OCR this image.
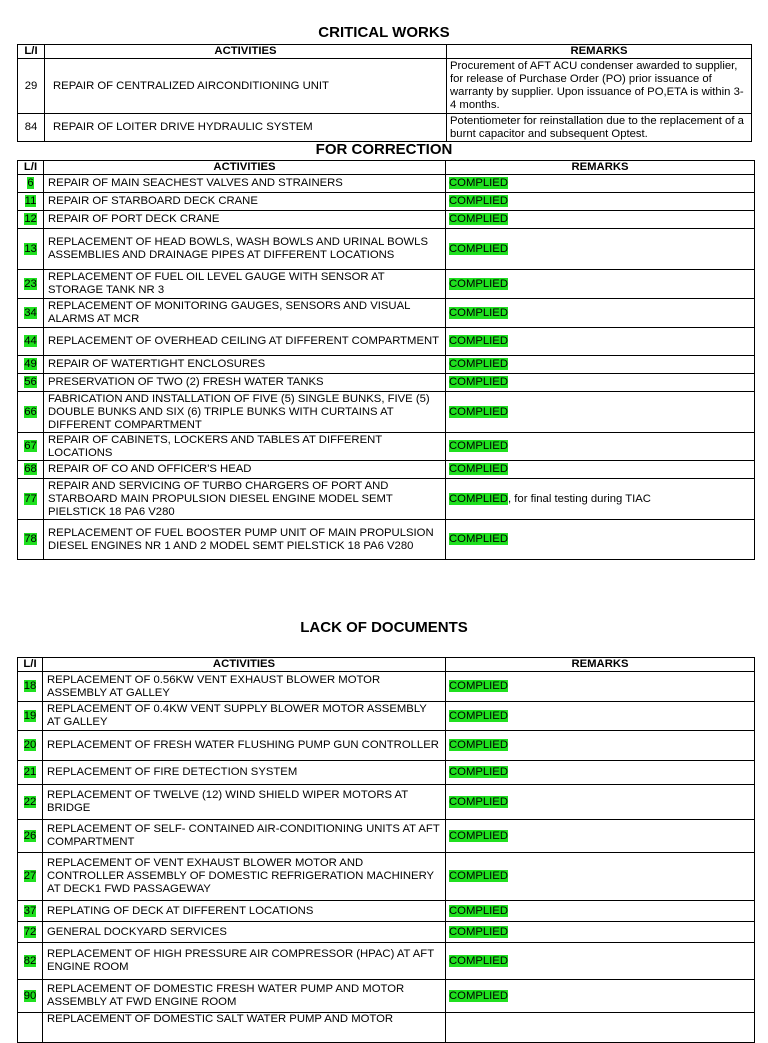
CRITICAL WORKS
L/I	ACTIVITIES	REMARKS
29	REPAIR OF CENTRALIZED AIRCONDITIONING UNIT	Procurement of AFT ACU condenser awarded to supplier, for release of Purchase Order (PO) prior issuance of warranty by supplier. Upon issuance of PO,ETA is within 3-4 months.
84	REPAIR OF LOITER DRIVE HYDRAULIC SYSTEM	Potentiometer for reinstallation due to the replacement of a burnt capacitor and subsequent Optest.
FOR CORRECTION
L/I	ACTIVITIES	REMARKS
6	REPAIR OF MAIN SEACHEST VALVES AND STRAINERS	COMPLIED
11	REPAIR OF STARBOARD DECK CRANE	COMPLIED
12	REPAIR OF PORT DECK CRANE	COMPLIED
13	REPLACEMENT OF HEAD BOWLS, WASH BOWLS AND URINAL BOWLS ASSEMBLIES AND DRAINAGE PIPES AT DIFFERENT LOCATIONS	COMPLIED
23	REPLACEMENT OF FUEL OIL LEVEL GAUGE WITH SENSOR AT STORAGE TANK NR 3	COMPLIED
34	REPLACEMENT OF MONITORING GAUGES, SENSORS AND VISUAL ALARMS AT MCR	COMPLIED
44	REPLACEMENT OF OVERHEAD CEILING AT DIFFERENT COMPARTMENT	COMPLIED
49	REPAIR OF WATERTIGHT ENCLOSURES	COMPLIED
56	PRESERVATION OF TWO (2) FRESH WATER TANKS	COMPLIED
66	FABRICATION AND INSTALLATION OF FIVE (5) SINGLE BUNKS, FIVE (5) DOUBLE BUNKS AND SIX (6) TRIPLE BUNKS WITH CURTAINS AT DIFFERENT COMPARTMENT	COMPLIED
67	REPAIR OF CABINETS, LOCKERS AND TABLES AT DIFFERENT LOCATIONS	COMPLIED
68	REPAIR OF CO AND OFFICER'S HEAD	COMPLIED
77	REPAIR AND SERVICING OF TURBO CHARGERS OF PORT AND STARBOARD MAIN PROPULSION DIESEL ENGINE MODEL SEMT PIELSTICK 18 PA6 V280	COMPLIED, for final testing during TIAC
78	REPLACEMENT OF FUEL BOOSTER PUMP UNIT OF MAIN PROPULSION DIESEL ENGINES NR 1 AND 2 MODEL SEMT PIELSTICK 18 PA6 V280	COMPLIED
LACK OF DOCUMENTS
L/I	ACTIVITIES	REMARKS
18	REPLACEMENT OF 0.56KW VENT EXHAUST BLOWER MOTOR ASSEMBLY AT GALLEY	COMPLIED
19	REPLACEMENT OF 0.4KW VENT SUPPLY BLOWER MOTOR ASSEMBLY AT GALLEY	COMPLIED
20	REPLACEMENT OF FRESH WATER FLUSHING PUMP GUN CONTROLLER	COMPLIED
21	REPLACEMENT OF FIRE DETECTION SYSTEM	COMPLIED
22	REPLACEMENT OF TWELVE (12) WIND SHIELD WIPER MOTORS AT BRIDGE	COMPLIED
26	REPLACEMENT OF SELF- CONTAINED AIR-CONDITIONING UNITS AT AFT COMPARTMENT	COMPLIED
27	REPLACEMENT OF VENT EXHAUST BLOWER MOTOR AND CONTROLLER ASSEMBLY OF DOMESTIC REFRIGERATION MACHINERY AT DECK1 FWD PASSAGEWAY	COMPLIED
37	REPLATING OF DECK AT DIFFERENT LOCATIONS	COMPLIED
72	GENERAL DOCKYARD SERVICES	COMPLIED
82	REPLACEMENT OF HIGH PRESSURE AIR COMPRESSOR (HPAC) AT AFT ENGINE ROOM	COMPLIED
90	REPLACEMENT OF DOMESTIC FRESH WATER PUMP AND MOTOR ASSEMBLY AT FWD ENGINE ROOM	COMPLIED
	REPLACEMENT OF DOMESTIC SALT WATER PUMP AND MOTOR	
